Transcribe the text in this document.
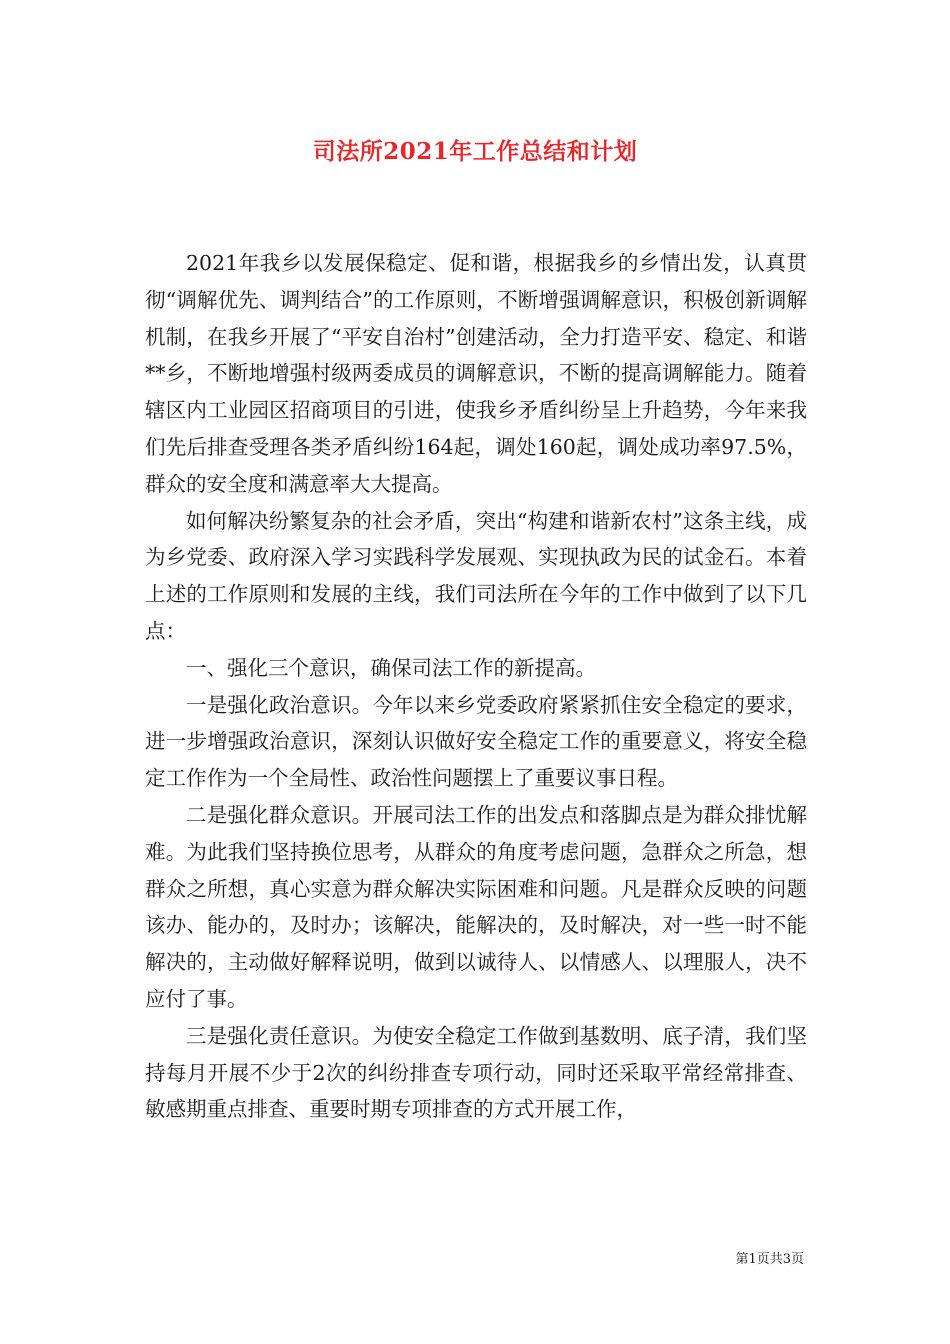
司法所2021年工作总结和计划

2021年我乡以发展保稳定、促和谐，根据我乡的乡情出发，认真贯彻“调解优先、调判结合”的工作原则，不断增强调解意识，积极创新调解机制，在我乡开展了“平安自治村”创建活动，全力打造平安、稳定、和谐**乡，不断地增强村级两委成员的调解意识，不断的提高调解能力。随着辖区内工业园区招商项目的引进，使我乡矛盾纠纷呈上升趋势，今年来我们先后排查受理各类矛盾纠纷164起，调处160起，调处成功率97.5%，群众的安全度和满意率大大提高。

如何解决纷繁复杂的社会矛盾，突出“构建和谐新农村”这条主线，成为乡党委、政府深入学习实践科学发展观、实现执政为民的试金石。本着上述的工作原则和发展的主线，我们司法所在今年的工作中做到了以下几点：

一、强化三个意识，确保司法工作的新提高。

一是强化政治意识。今年以来乡党委政府紧紧抓住安全稳定的要求，进一步增强政治意识，深刻认识做好安全稳定工作的重要意义，将安全稳定工作作为一个全局性、政治性问题摆上了重要议事日程。

二是强化群众意识。开展司法工作的出发点和落脚点是为群众排忧解难。为此我们坚持换位思考，从群众的角度考虑问题，急群众之所急，想群众之所想，真心实意为群众解决实际困难和问题。凡是群众反映的问题该办、能办的，及时办；该解决，能解决的，及时解决，对一些一时不能解决的，主动做好解释说明，做到以诚待人、以情感人、以理服人，决不应付了事。

三是强化责任意识。为使安全稳定工作做到基数明、底子清，我们坚持每月开展不少于2次的纠纷排查专项行动，同时还采取平常经常排查、敏感期重点排查、重要时期专项排查的方式开展工作，

第1页共3页
